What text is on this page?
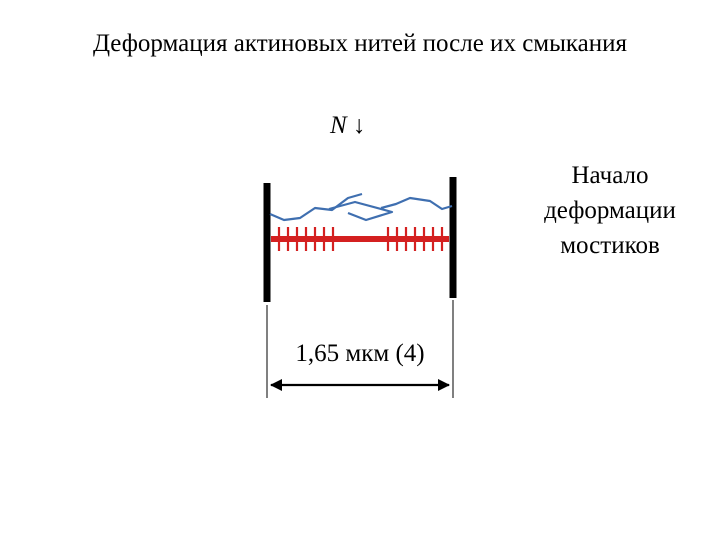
Деформация актиновых нитей после их смыкания
N ↓
Начало
деформации
мостиков
1,65 мкм (4)
